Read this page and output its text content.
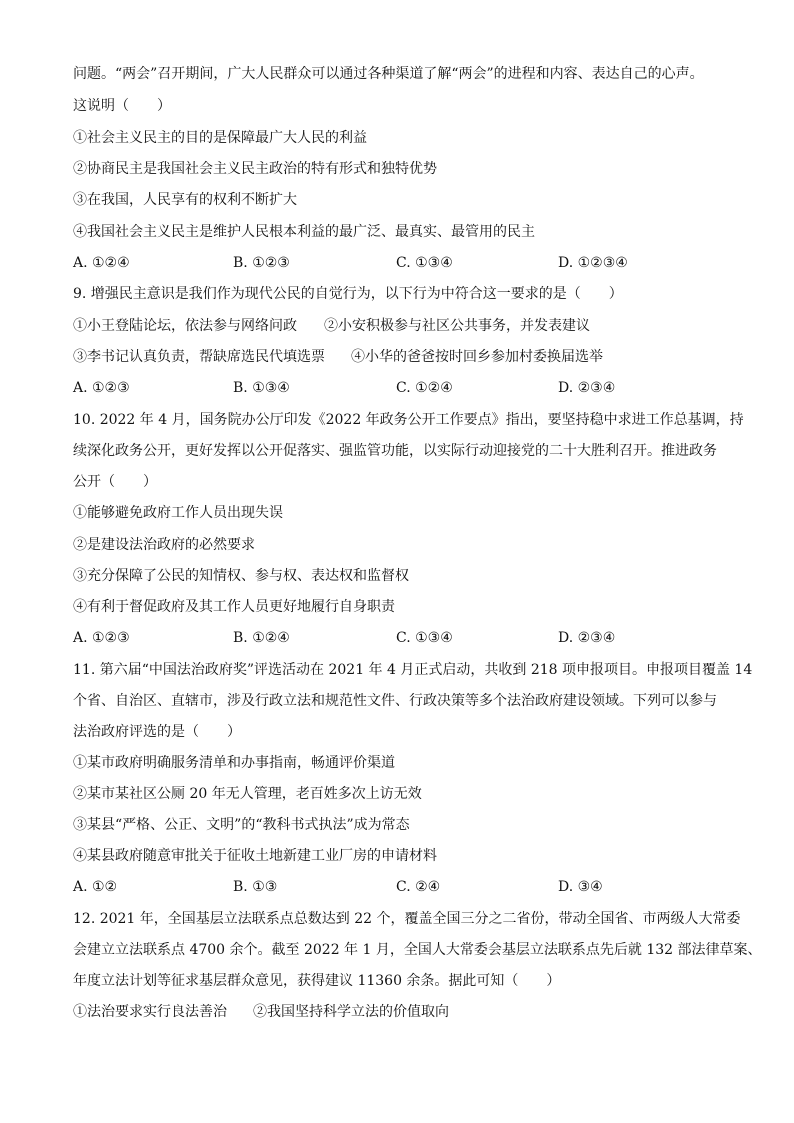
问题。“两会”召开期间，广大人民群众可以通过各种渠道了解“两会”的进程和内容、表达自己的心声。
这说明（　　）
①社会主义民主的目的是保障最广大人民的利益
②协商民主是我国社会主义民主政治的特有形式和独特优势
③在我国，人民享有的权利不断扩大
④我国社会主义民主是维护人民根本利益的最广泛、最真实、最管用的民主
A. ①②④	B. ①②③	C. ①③④	D. ①②③④
9. 增强民主意识是我们作为现代公民的自觉行为，以下行为中符合这一要求的是（　　）
①小王登陆论坛，依法参与网络问政 ②小安积极参与社区公共事务，并发表建议
③李书记认真负责，帮缺席选民代填选票 ④小华的爸爸按时回乡参加村委换届选举
A. ①②③	B. ①③④	C. ①②④	D. ②③④
10. 2022 年 4 月，国务院办公厅印发《2022 年政务公开工作要点》指出，要坚持稳中求进工作总基调，持
续深化政务公开，更好发挥以公开促落实、强监管功能，以实际行动迎接党的二十大胜利召开。推进政务
公开（　　）
①能够避免政府工作人员出现失误
②是建设法治政府的必然要求
③充分保障了公民的知情权、参与权、表达权和监督权
④有利于督促政府及其工作人员更好地履行自身职责
A. ①②③	B. ①②④	C. ①③④	D. ②③④
11. 第六届“中国法治政府奖”评选活动在 2021 年 4 月正式启动，共收到 218 项申报项目。申报项目覆盖 14
个省、自治区、直辖市，涉及行政立法和规范性文件、行政决策等多个法治政府建设领域。下列可以参与
法治政府评选的是（　　）
①某市政府明确服务清单和办事指南，畅通评价渠道
②某市某社区公厕 20 年无人管理，老百姓多次上访无效
③某县“严格、公正、文明”的“教科书式执法”成为常态
④某县政府随意审批关于征收土地新建工业厂房的申请材料
A. ①②	B. ①③	C. ②④	D. ③④
12. 2021 年，全国基层立法联系点总数达到 22 个，覆盖全国三分之二省份，带动全国省、市两级人大常委
会建立立法联系点 4700 余个。截至 2022 年 1 月，全国人大常委会基层立法联系点先后就 132 部法律草案、
年度立法计划等征求基层群众意见，获得建议 11360 余条。据此可知（　　）
①法治要求实行良法善治 ②我国坚持科学立法的价值取向
